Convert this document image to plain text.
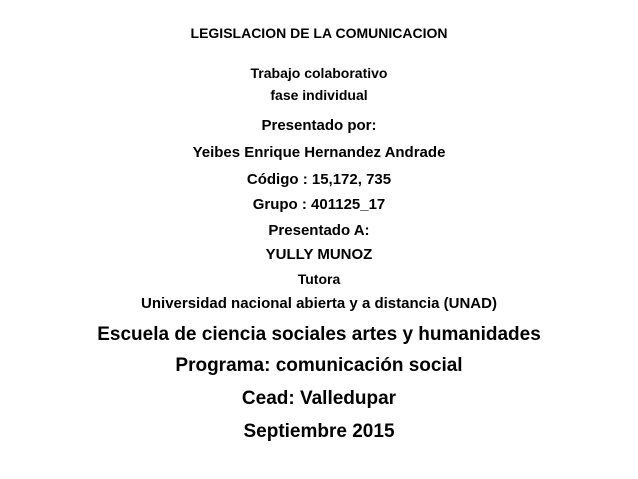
LEGISLACION DE LA COMUNICACION
Trabajo colaborativo
fase individual
Presentado por:
Yeibes Enrique Hernandez Andrade
Código : 15,172, 735
Grupo : 401125_17
Presentado A:
YULLY MUNOZ
Tutora
Universidad nacional abierta y a distancia (UNAD)
Escuela de ciencia sociales artes y humanidades
Programa: comunicación social
Cead: Valledupar
Septiembre 2015
